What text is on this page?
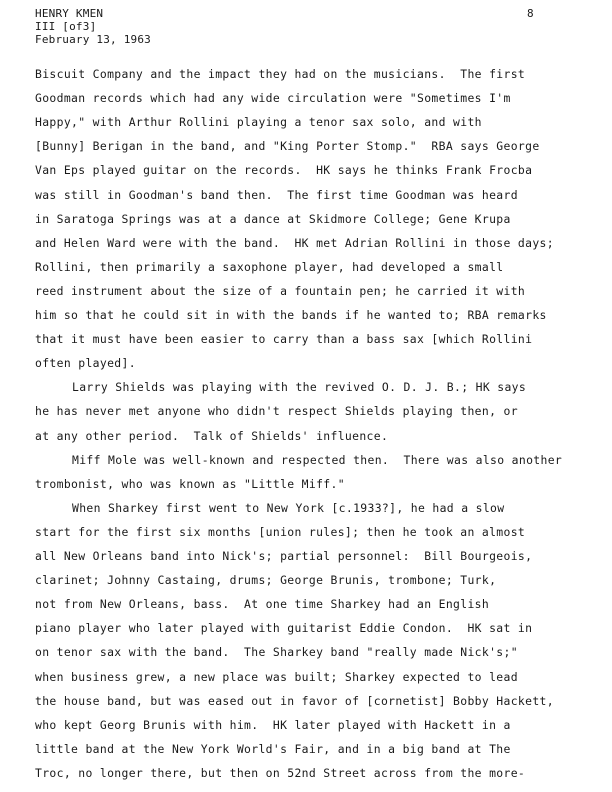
HENRY KMEN
III [of3]
February 13, 1963
8
Biscuit Company and the impact they had on the musicians.  The first
Goodman records which had any wide circulation were "Sometimes I'm
Happy," with Arthur Rollini playing a tenor sax solo, and with
[Bunny] Berigan in the band, and "King Porter Stomp."  RBA says George
Van Eps played guitar on the records.  HK says he thinks Frank Frocba
was still in Goodman's band then.  The first time Goodman was heard
in Saratoga Springs was at a dance at Skidmore College; Gene Krupa
and Helen Ward were with the band.  HK met Adrian Rollini in those days;
Rollini, then primarily a saxophone player, had developed a small
reed instrument about the size of a fountain pen; he carried it with
him so that he could sit in with the bands if he wanted to; RBA remarks
that it must have been easier to carry than a bass sax [which Rollini
often played].
Larry Shields was playing with the revived O. D. J. B.; HK says
he has never met anyone who didn't respect Shields playing then, or
at any other period.  Talk of Shields' influence.
Miff Mole was well-known and respected then.  There was also another
trombonist, who was known as "Little Miff."
When Sharkey first went to New York [c.1933?], he had a slow
start for the first six months [union rules]; then he took an almost
all New Orleans band into Nick's; partial personnel:  Bill Bourgeois,
clarinet; Johnny Castaing, drums; George Brunis, trombone; Turk,
not from New Orleans, bass.  At one time Sharkey had an English
piano player who later played with guitarist Eddie Condon.  HK sat in
on tenor sax with the band.  The Sharkey band "really made Nick's;"
when business grew, a new place was built; Sharkey expected to lead
the house band, but was eased out in favor of [cornetist] Bobby Hackett,
who kept Georg Brunis with him.  HK later played with Hackett in a
little band at the New York World's Fair, and in a big band at The
Troc, no longer there, but then on 52nd Street across from the more-
